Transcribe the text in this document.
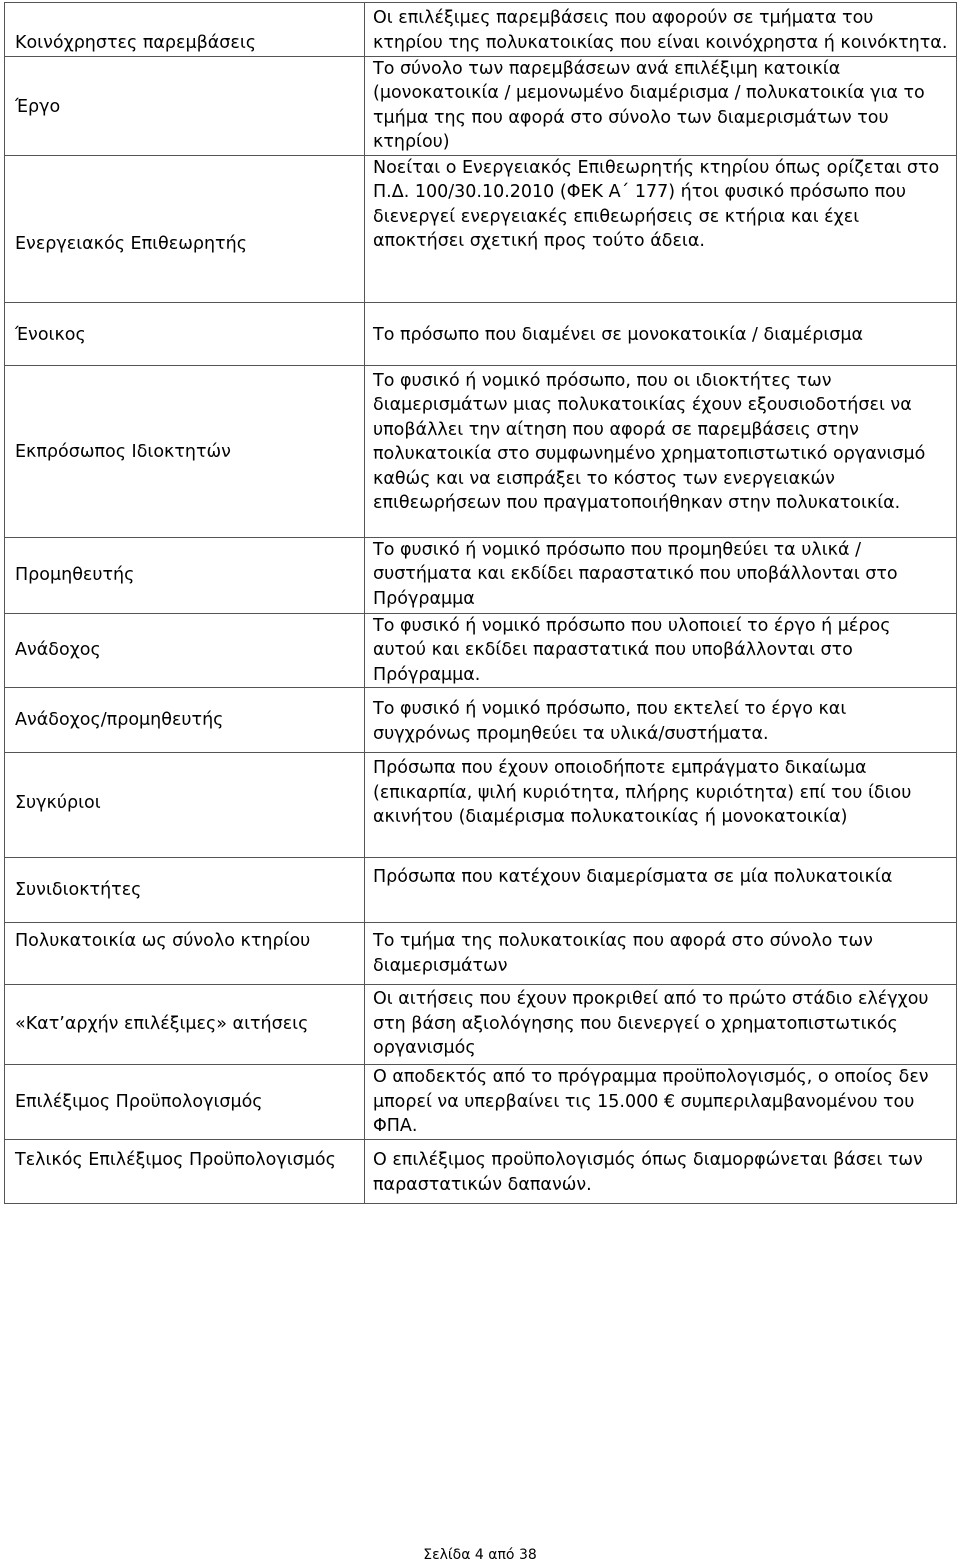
Κοινόχρηστες παρεμβάσεις	Οι επιλέξιμες παρεμβάσεις που αφορούν σε τμήματα του κτηρίου της πολυκατοικίας που είναι κοινόχρηστα ή κοινόκτητα.
Έργο	Το σύνολο των παρεμβάσεων ανά επιλέξιμη κατοικία (μονοκατοικία / μεμονωμένο διαμέρισμα / πολυκατοικία για το τμήμα της που αφορά στο σύνολο των διαμερισμάτων του κτηρίου)
Ενεργειακός Επιθεωρητής	Νοείται ο Ενεργειακός Επιθεωρητής κτηρίου όπως ορίζεται στο Π.Δ. 100/30.10.2010 (ΦΕΚ Α΄ 177) ήτοι φυσικό πρόσωπο που διενεργεί ενεργειακές επιθεωρήσεις σε κτήρια και έχει αποκτήσει σχετική προς τούτο άδεια.
Ένοικος	Το πρόσωπο που διαμένει σε μονοκατοικία / διαμέρισμα
Εκπρόσωπος Ιδιοκτητών	Το φυσικό ή νομικό πρόσωπο, που οι ιδιοκτήτες των διαμερισμάτων μιας πολυκατοικίας έχουν εξουσιοδοτήσει να υποβάλλει την αίτηση που αφορά σε παρεμβάσεις στην πολυκατοικία στο συμφωνημένο χρηματοπιστωτικό οργανισμό καθώς και να εισπράξει το κόστος των ενεργειακών επιθεωρήσεων που πραγματοποιήθηκαν στην πολυκατοικία.
Προμηθευτής	Το φυσικό ή νομικό πρόσωπο που προμηθεύει τα υλικά / συστήματα και εκδίδει παραστατικό που υποβάλλονται στο Πρόγραμμα
Ανάδοχος	Το φυσικό ή νομικό πρόσωπο που υλοποιεί το έργο ή μέρος αυτού και εκδίδει παραστατικά που υποβάλλονται στο Πρόγραμμα.
Ανάδοχος/προμηθευτής	Το φυσικό ή νομικό πρόσωπο, που εκτελεί το έργο και συγχρόνως προμηθεύει τα υλικά/συστήματα.
Συγκύριοι	Πρόσωπα που έχουν οποιοδήποτε εμπράγματο δικαίωμα (επικαρπία, ψιλή κυριότητα, πλήρης κυριότητα) επί του ίδιου ακινήτου (διαμέρισμα πολυκατοικίας ή μονοκατοικία)
Συνιδιοκτήτες	Πρόσωπα που κατέχουν διαμερίσματα σε μία πολυκατοικία
Πολυκατοικία ως σύνολο κτηρίου	Το τμήμα της πολυκατοικίας που αφορά στο σύνολο των διαμερισμάτων
«Κατ’αρχήν επιλέξιμες» αιτήσεις	Οι αιτήσεις που έχουν προκριθεί από το πρώτο στάδιο ελέγχου στη βάση αξιολόγησης που διενεργεί ο χρηματοπιστωτικός οργανισμός
Επιλέξιμος Προϋπολογισμός	Ο αποδεκτός από το πρόγραμμα προϋπολογισμός, ο οποίος δεν μπορεί να υπερβαίνει τις 15.000 € συμπεριλαμβανομένου του ΦΠΑ.
Τελικός Επιλέξιμος Προϋπολογισμός	Ο επιλέξιμος προϋπολογισμός όπως διαμορφώνεται βάσει των παραστατικών δαπανών.
Σελίδα 4 από 38
